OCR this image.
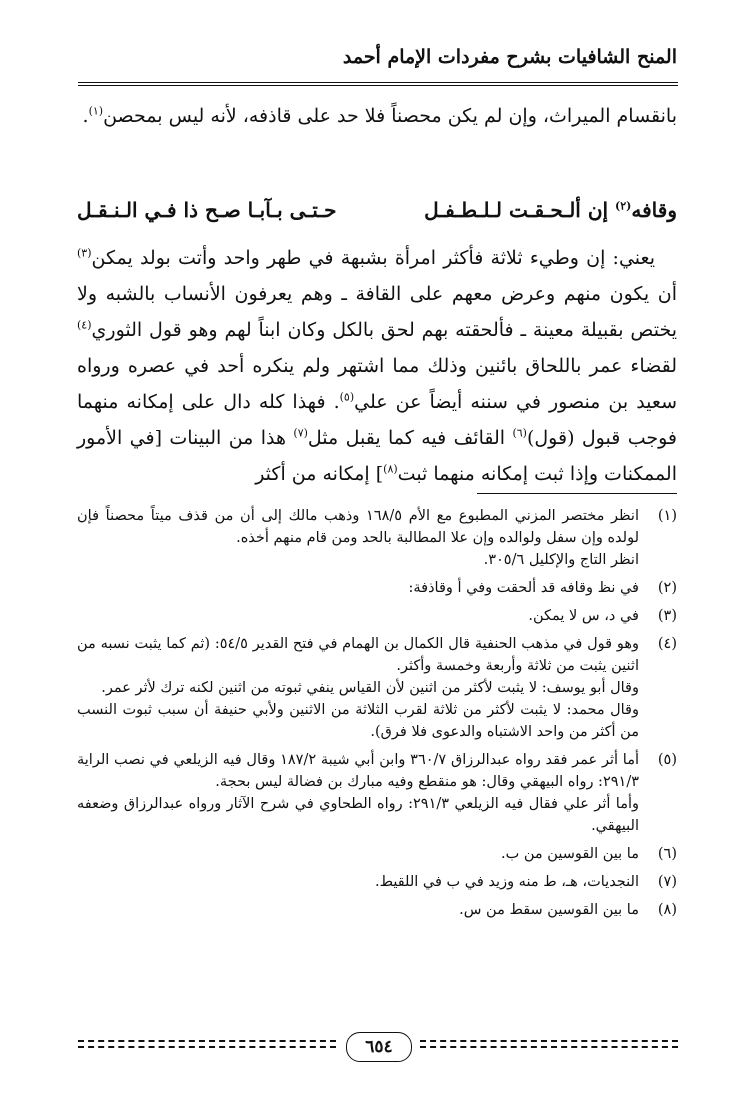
المنح الشافيات بشرح مفردات الإمام أحمد

بانقسام الميراث، وإن لم يكن محصناً فلا حد على قاذفه، لأنه ليس بمحصن$^{(١)}$.

وقافه$^{(٢)}$ إن ألـحـقـت لـلـطـفـل
حـتـى بـآبـا صـح ذا فـي الـنـقـل

يعني: إن وطيء ثلاثة فأكثر امرأة بشبهة في طهر واحد وأتت بولد يمكن$^{(٣)}$ أن يكون منهم وعرض معهم على القافة ـ وهم يعرفون الأنساب بالشبه ولا يختص بقبيلة معينة ـ فألحقته بهم لحق بالكل وكان ابناً لهم وهو قول الثوري$^{(٤)}$ لقضاء عمر باللحاق بائنين وذلك مما اشتهر ولم ينكره أحد في عصره ورواه سعيد بن منصور في سننه أيضاً عن علي$^{(٥)}$. فهذا كله دال على إمكانه منهما فوجب قبول (قول)$^{(٦)}$ القائف فيه كما يقبل مثل$^{(٧)}$ هذا من البينات [في الأمور الممكنات وإذا ثبت إمكانه منهما ثبت$^{(٨)}$] إمكانه من أكثر

(١)

انظر مختصر المزني المطبوع مع الأم ١٦٨/٥ وذهب مالك إلى أن من قذف ميتاً محصناً فإن لولده وإن سفل ولوالده وإن علا المطالبة بالحد ومن قام منهم أخذه.

انظر التاج والإكليل ٣٠٥/٦.

(٢)

في نظ وقافه قد ألحقت وفي أ وقاذفة:

(٣)

في د، س لا يمكن.

(٤)

وهو قول في مذهب الحنفية قال الكمال بن الهمام في فتح القدير ٥٤/٥: (ثم كما يثبت نسبه من اثنين يثبت من ثلاثة وأربعة وخمسة وأكثر.

وقال أبو يوسف: لا يثبت لأكثر من اثنين لأن القياس ينفي ثبوته من اثنين لكنه ترك لأثر عمر.

وقال محمد: لا يثبت لأكثر من ثلاثة لقرب الثلاثة من الاثنين ولأبي حنيفة أن سبب ثبوت النسب من أكثر من واحد الاشتباه والدعوى فلا فرق).

(٥)

أما أثر عمر فقد رواه عبدالرزاق ٣٦٠/٧ وابن أبي شيبة ١٨٧/٢ وقال فيه الزيلعي في نصب الراية ٢٩١/٣: رواه البيهقي وقال: هو منقطع وفيه مبارك بن فضالة ليس بحجة.

وأما أثر علي فقال فيه الزيلعي ٢٩١/٣: رواه الطحاوي في شرح الآثار ورواه عبدالرزاق وضعفه البيهقي.

(٦)

ما بين القوسين من ب.

(٧)

النجديات، هـ، ط منه وزيد في ب في اللقيط.

(٨)

ما بين القوسين سقط من س.

٦٥٤
